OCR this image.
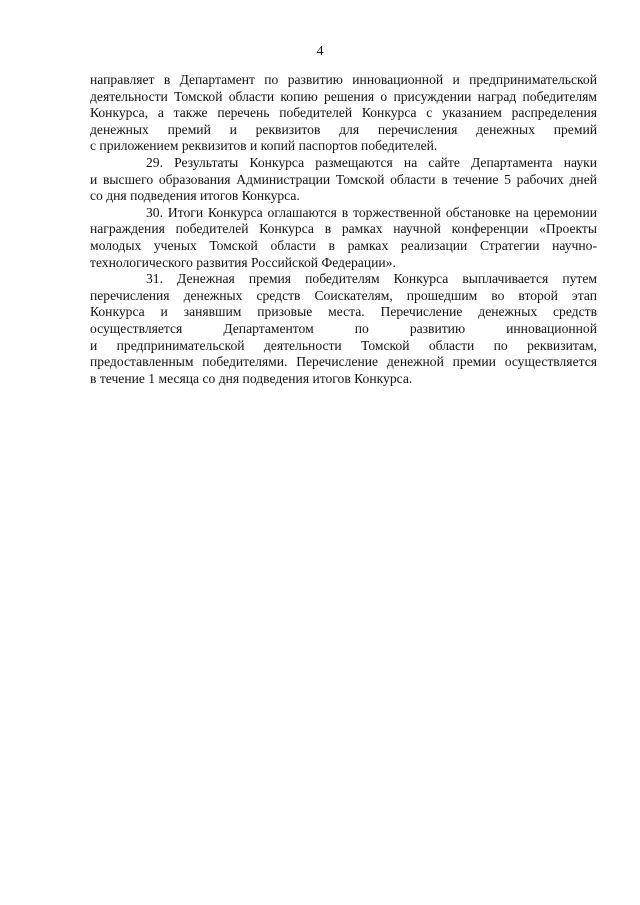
4
направляет в Департамент по развитию инновационной и предпринимательской
деятельности Томской области копию решения о присуждении наград победителям
Конкурса, а также перечень победителей Конкурса с указанием распределения
денежных премий и реквизитов для перечисления денежных премий
с приложением реквизитов и копий паспортов победителей.
29. Результаты Конкурса размещаются на сайте Департамента науки
и высшего образования Администрации Томской области в течение 5 рабочих дней
со дня подведения итогов Конкурса.
30. Итоги Конкурса оглашаются в торжественной обстановке на церемонии
награждения победителей Конкурса в рамках научной конференции «Проекты
молодых ученых Томской области в рамках реализации Стратегии научно-
технологического развития Российской Федерации».
31. Денежная премия победителям Конкурса выплачивается путем
перечисления денежных средств Соискателям, прошедшим во второй этап
Конкурса и занявшим призовые места. Перечисление денежных средств
осуществляется Департаментом по развитию инновационной
и предпринимательской деятельности Томской области по реквизитам,
предоставленным победителями. Перечисление денежной премии осуществляется
в течение 1 месяца со дня подведения итогов Конкурса.
